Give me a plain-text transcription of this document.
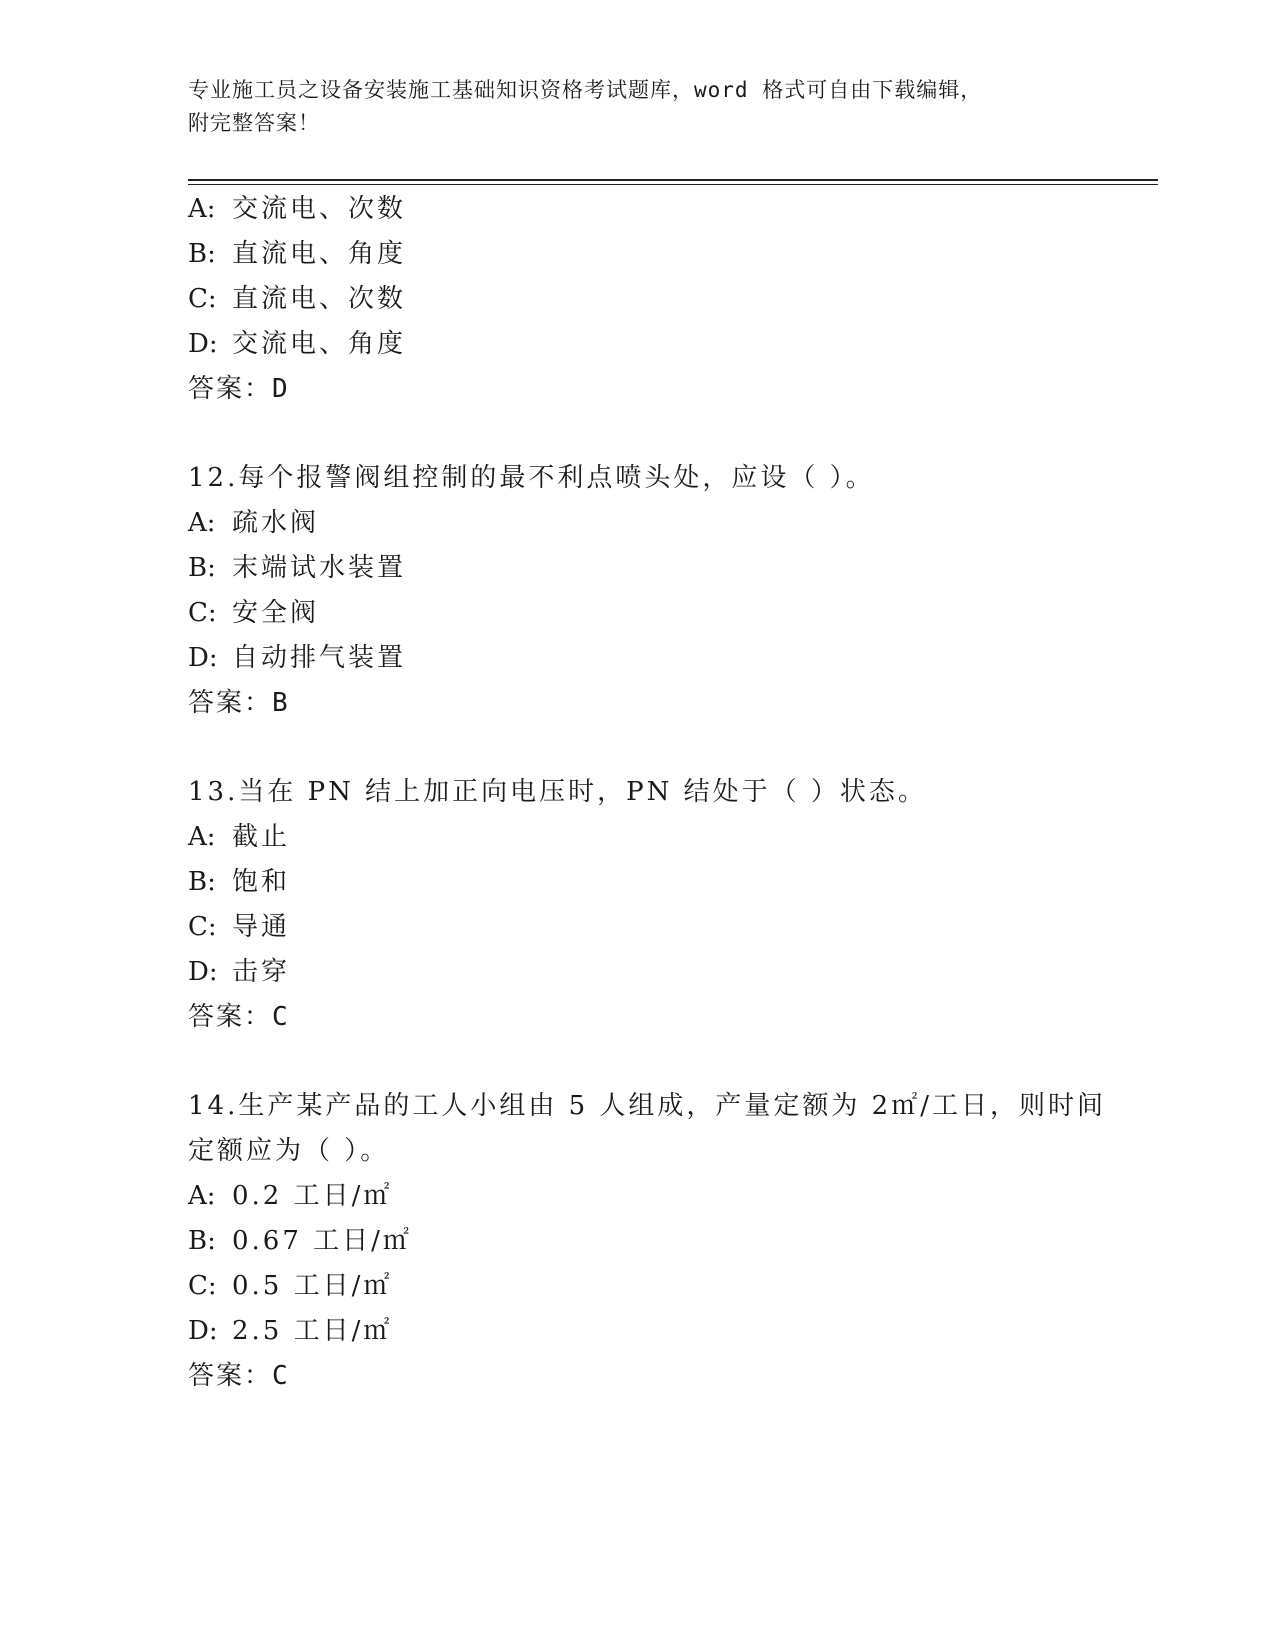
专业施工员之设备安装施工基础知识资格考试题库，word 格式可自由下载编辑，
附完整答案！
A: 交流电、次数
B: 直流电、角度
C: 直流电、次数
D: 交流电、角度
答案：D
12.每个报警阀组控制的最不利点喷头处，应设（ ）。
A: 疏水阀
B: 末端试水装置
C: 安全阀
D: 自动排气装置
答案：B
13.当在 PN 结上加正向电压时，PN 结处于（ ）状态。
A: 截止
B: 饱和
C: 导通
D: 击穿
答案：C
14.生产某产品的工人小组由 5 人组成，产量定额为 2㎡/工日，则时间
定额应为（ ）。
A: 0.2 工日/㎡
B: 0.67 工日/㎡
C: 0.5 工日/㎡
D: 2.5 工日/㎡
答案：C
